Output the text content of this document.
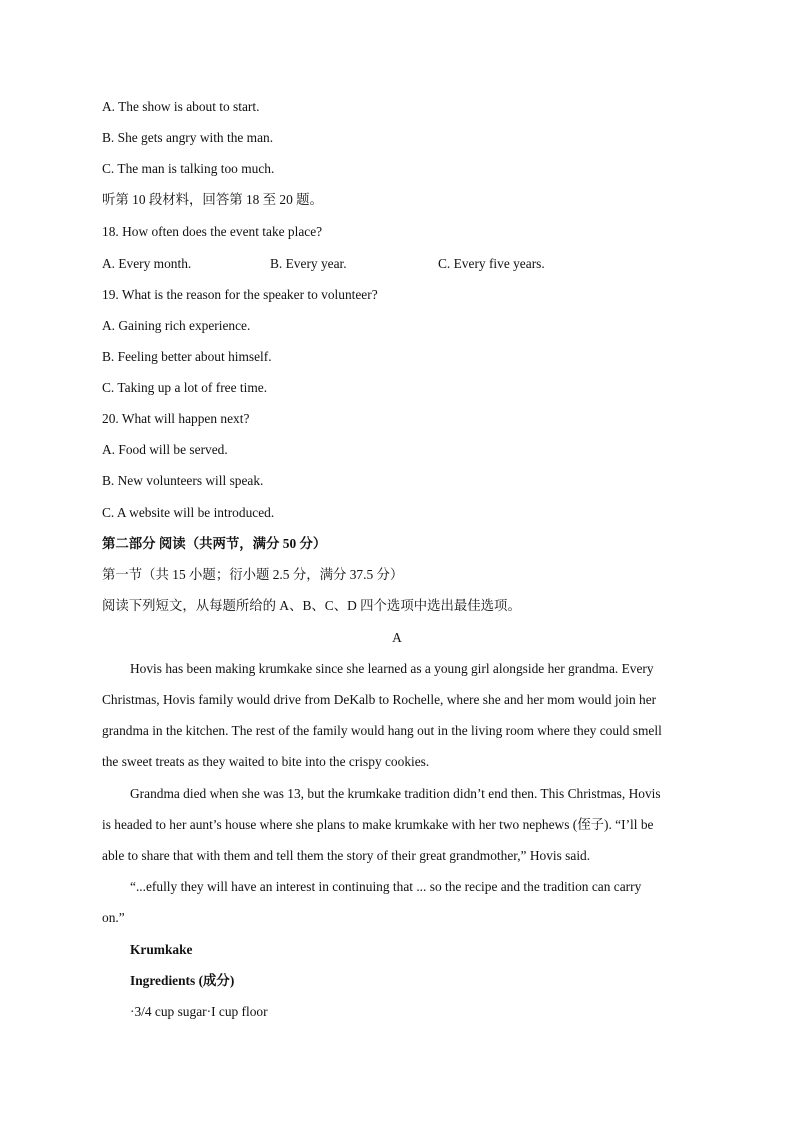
A. The show is about to start.
B. She gets angry with the man.
C. The man is talking too much.
听第 10 段材料，回答第 18 至 20 题。
18. How often does the event take place?
A. Every month.	B. Every year.	C. Every five years.
19. What is the reason for the speaker to volunteer?
A. Gaining rich experience.
B. Feeling better about himself.
C. Taking up a lot of free time.
20. What will happen next?
A. Food will be served.
B. New volunteers will speak.
C. A website will be introduced.
第二部分 阅读（共两节，满分 50 分）
第一节（共 15 小题；衍小题 2.5 分，满分 37.5 分）
阅读下列短文，从每题所给的 A、B、C、D 四个选项中选出最佳选项。
A
Hovis has been making krumkake since she learned as a young girl alongside her grandma. Every
Christmas, Hovis family would drive from DeKalb to Rochelle, where she and her mom would join her
grandma in the kitchen. The rest of the family would hang out in the living room where they could smell
the sweet treats as they waited to bite into the crispy cookies.
Grandma died when she was 13, but the krumkake tradition didn’t end then. This Christmas, Hovis
is headed to her aunt’s house where she plans to make krumkake with her two nephews (侄子). “I’ll be
able to share that with them and tell them the story of their great grandmother,” Hovis said.
“...efully they will have an interest in continuing that ... so the recipe and the tradition can carry
on.”
Krumkake
Ingredients (成分)
·3/4 cup sugar·I cup floor
